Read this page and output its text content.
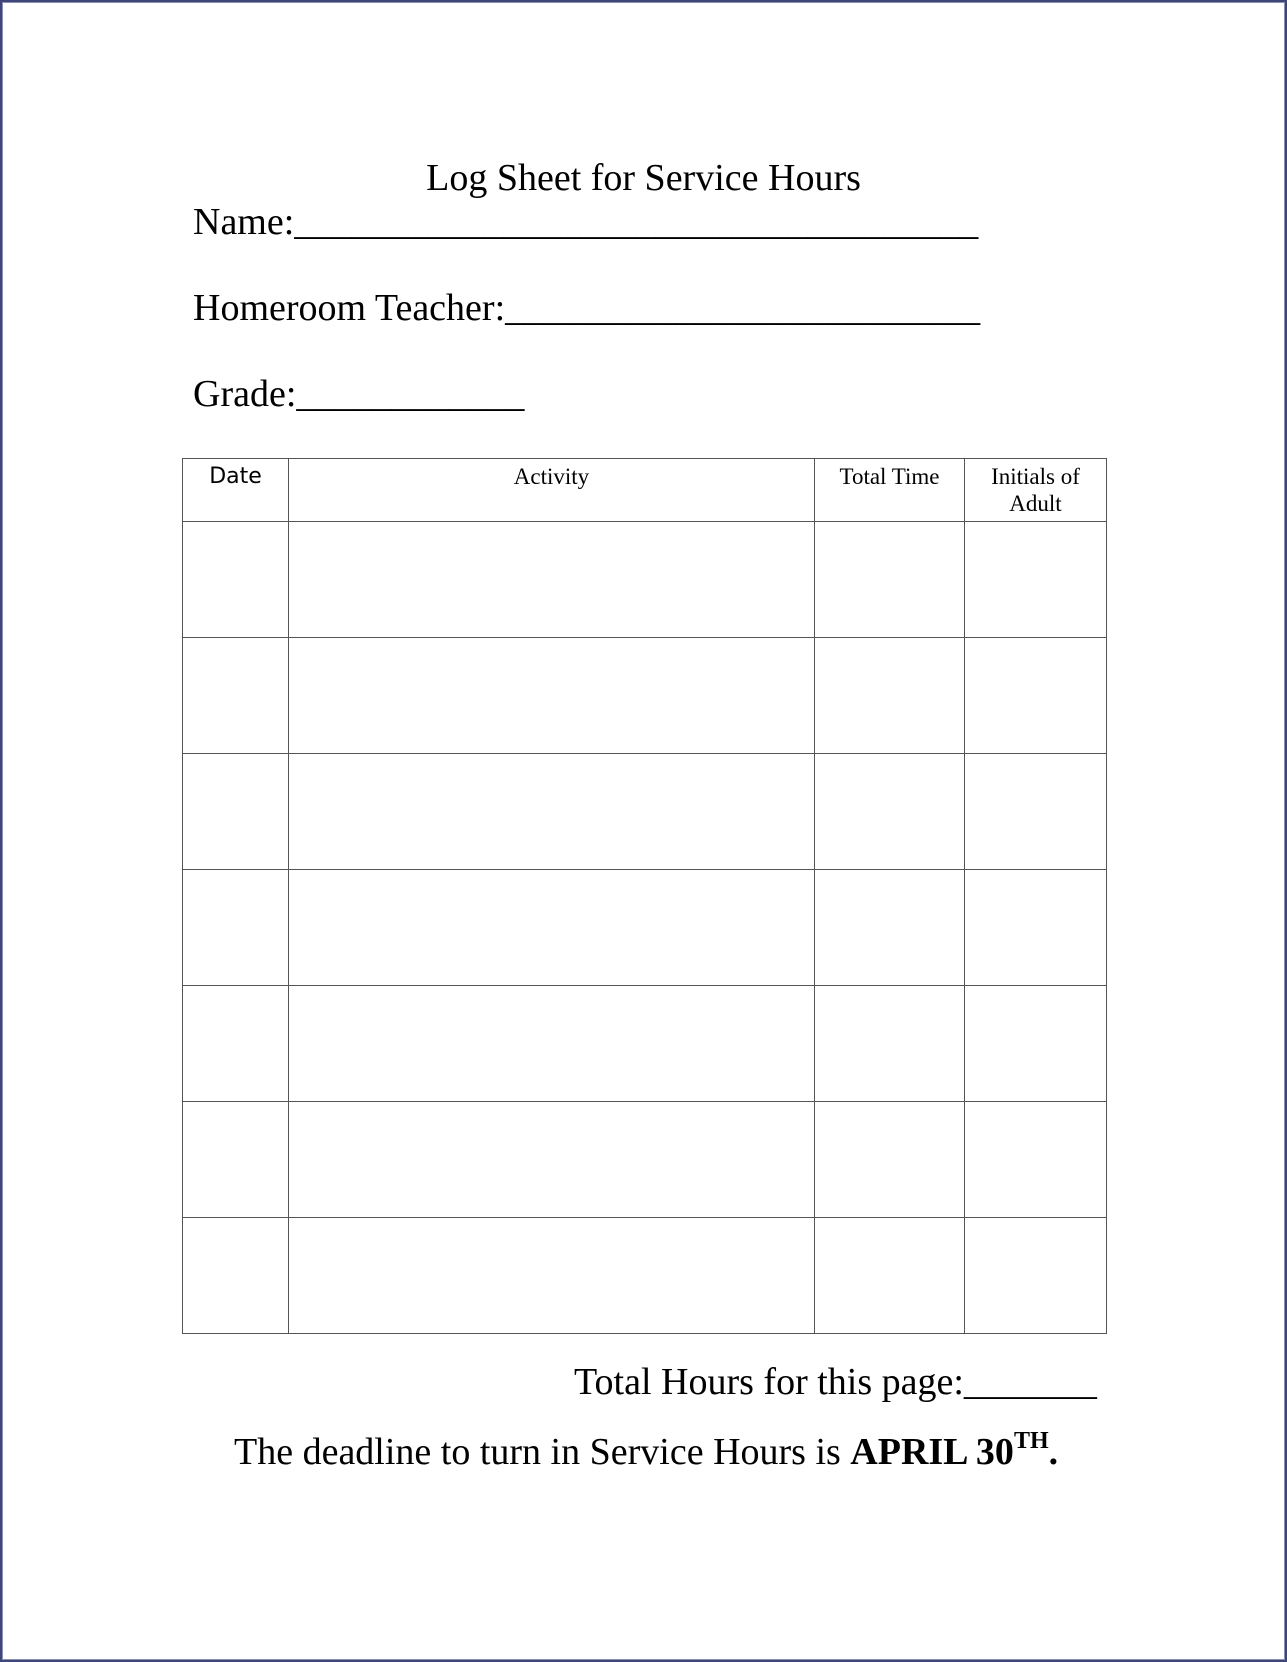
Log Sheet for Service Hours
Name:____________________________________
Homeroom Teacher:_________________________
Grade:____________
Date	Activity	Total Time	Initials of Adult

Total Hours for this page:_______
The deadline to turn in Service Hours is APRIL 30TH.
